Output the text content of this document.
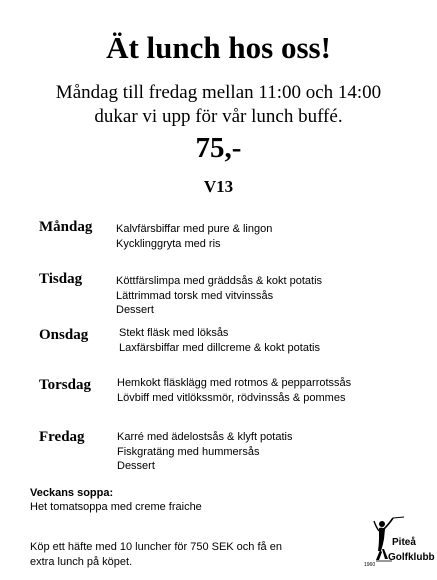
Ät lunch hos oss!
Måndag till fredag mellan 11:00 och 14:00
dukar vi upp för vår lunch buffé.
75,-
V13
Måndag Kalvfärsbiffar med pure & lingon
Kycklinggryta med ris
Tisdag	Köttfärslimpa med gräddsås & kokt potatis
Lättrimmad torsk med vitvinssås
Dessert
Onsdag	Stekt fläsk med löksås
Laxfärsbiffar med dillcreme & kokt potatis
Torsdag Hemkokt fläsklägg med rotmos & pepparrotssås
Lövbiff med vitlökssmör, rödvinssås & pommes
Fredag	Karré med ädelostsås & klyft potatis
Fiskgratäng med hummersås
Dessert
Veckans soppa:
Het tomatsoppa med creme fraiche
Köp ett häfte med 10 luncher för 750 SEK och få en
extra lunch på köpet.
Piteå
Golfklubb
1960
